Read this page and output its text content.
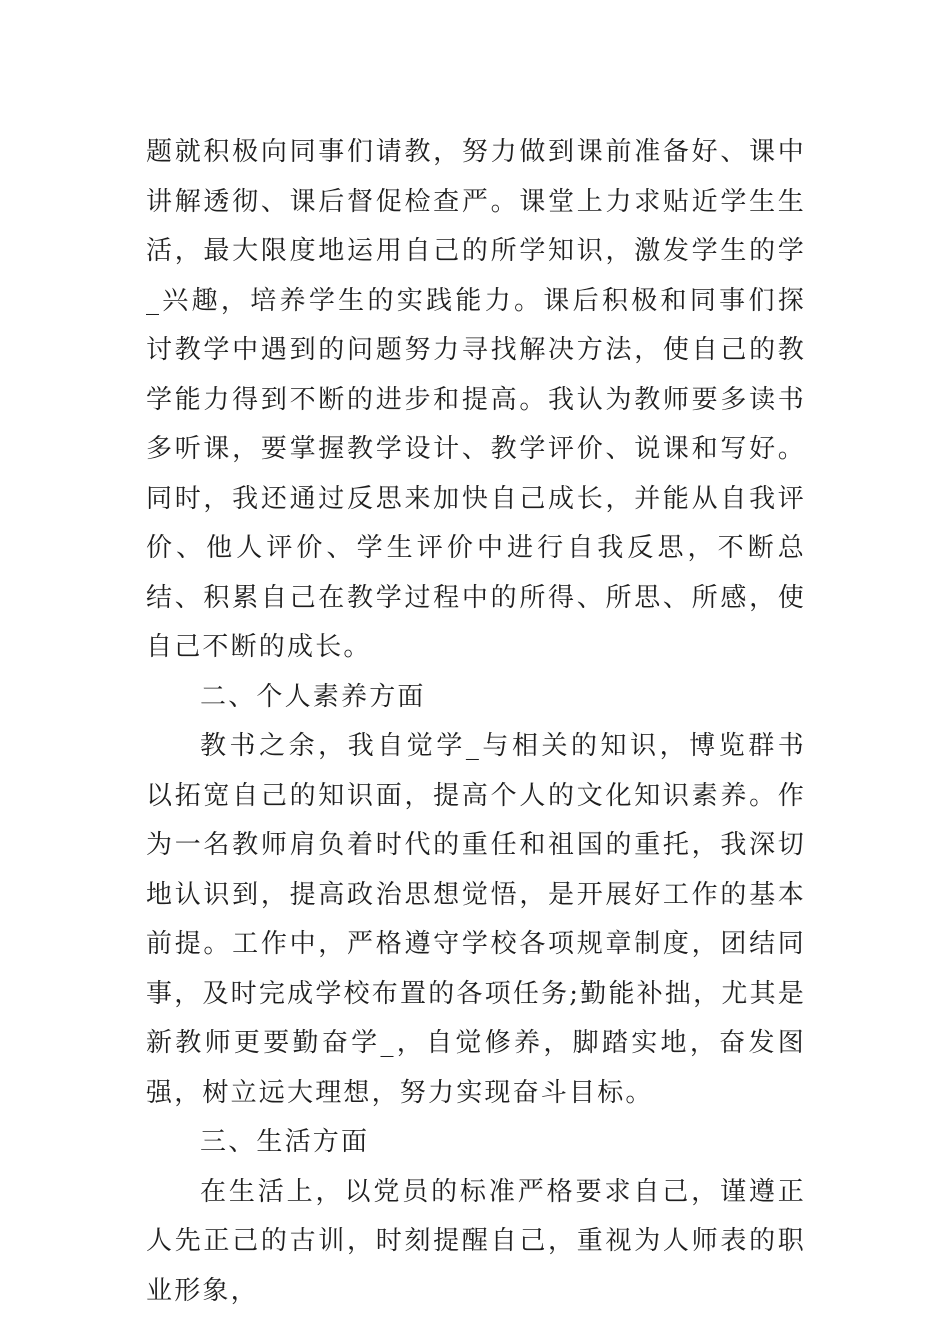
题就积极向同事们请教，努力做到课前准备好、课中讲解透彻、课后督促检查严。课堂上力求贴近学生生活，最大限度地运用自己的所学知识，激发学生的学_兴趣，培养学生的实践能力。课后积极和同事们探讨教学中遇到的问题努力寻找解决方法，使自己的教学能力得到不断的进步和提高。我认为教师要多读书多听课，要掌握教学设计、教学评价、说课和写好。同时，我还通过反思来加快自己成长，并能从自我评价、他人评价、学生评价中进行自我反思，不断总结、积累自己在教学过程中的所得、所思、所感，使自己不断的成长。

二、个人素养方面

教书之余，我自觉学_与相关的知识，博览群书以拓宽自己的知识面，提高个人的文化知识素养。作为一名教师肩负着时代的重任和祖国的重托，我深切地认识到，提高政治思想觉悟，是开展好工作的基本前提。工作中，严格遵守学校各项规章制度，团结同事，及时完成学校布置的各项任务;勤能补拙，尤其是新教师更要勤奋学_，自觉修养，脚踏实地，奋发图强，树立远大理想，努力实现奋斗目标。

三、生活方面

在生活上，以党员的标准严格要求自己，谨遵正人先正己的古训，时刻提醒自己，重视为人师表的职业形象，
